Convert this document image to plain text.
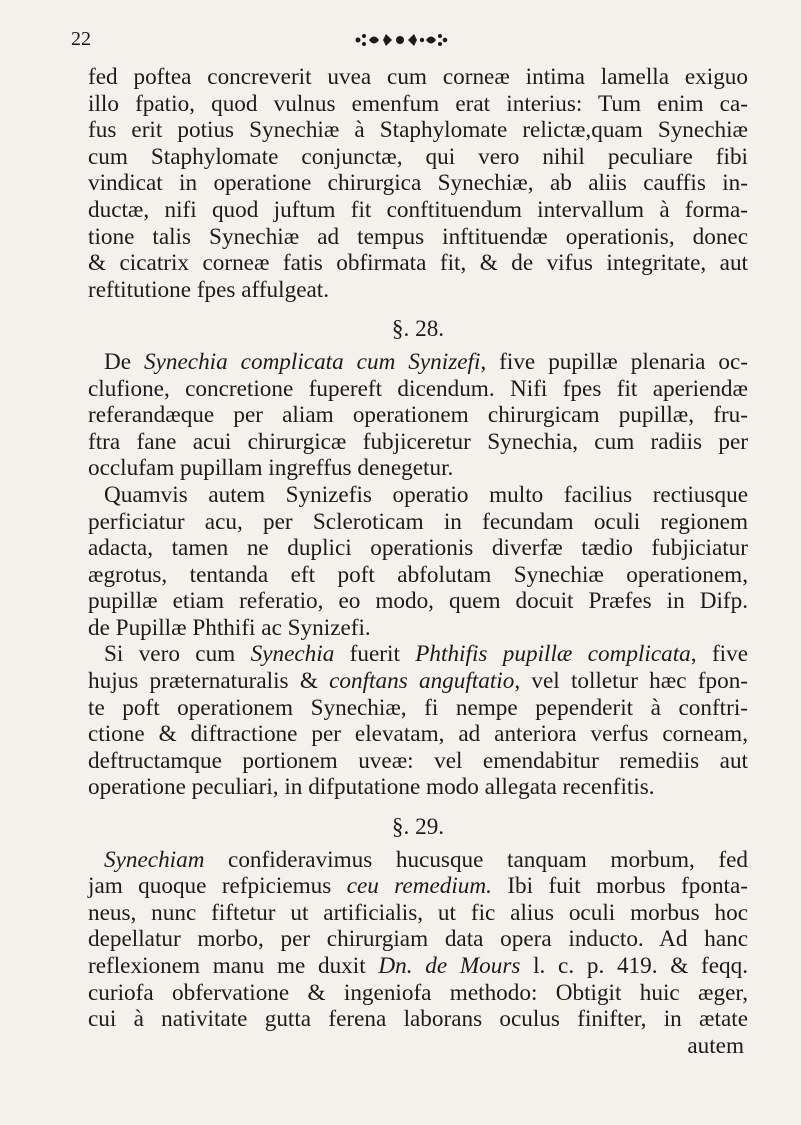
22
fed poftea concreverit uvea cum corneæ intima lamella exiguo
illo fpatio, quod vulnus emenfum erat interius: Tum enim ca-
fus erit potius Synechiæ à Staphylomate relictæ,quam Synechiæ
cum Staphylomate conjunctæ, qui vero nihil peculiare fibi
vindicat in operatione chirurgica Synechiæ, ab aliis cauffis in-
ductæ, nifi quod juftum fit conftituendum intervallum à forma-
tione talis Synechiæ ad tempus inftituendæ operationis, donec
& cicatrix corneæ fatis obfirmata fit, & de vifus integritate, aut
reftitutione fpes affulgeat.
§. 28.
De Synechia complicata cum Synizefi, five pupillæ plenaria oc-
clufione, concretione fupereft dicendum. Nifi fpes fit aperiendæ
referandæque per aliam operationem chirurgicam pupillæ, fru-
ftra fane acui chirurgicæ fubjiceretur Synechia, cum radiis per
occlufam pupillam ingreffus denegetur.
Quamvis autem Synizefis operatio multo facilius rectiusque
perficiatur acu, per Scleroticam in fecundam oculi regionem
adacta, tamen ne duplici operationis diverfæ tædio fubjiciatur
ægrotus, tentanda eft poft abfolutam Synechiæ operationem,
pupillæ etiam referatio, eo modo, quem docuit Præfes in Difp.
de Pupillæ Phthifi ac Synizefi.
Si vero cum Synechia fuerit Phthifis pupillæ complicata, five
hujus præternaturalis & conftans anguftatio, vel tolletur hæc fpon-
te poft operationem Synechiæ, fi nempe pependerit à conftri-
ctione & diftractione per elevatam, ad anteriora verfus corneam,
deftructamque portionem uveæ: vel emendabitur remediis aut
operatione peculiari, in difputatione modo allegata recenfitis.
§. 29.
Synechiam confideravimus hucusque tanquam morbum, fed
jam quoque refpiciemus ceu remedium. Ibi fuit morbus fponta-
neus, nunc fiftetur ut artificialis, ut fic alius oculi morbus hoc
depellatur morbo, per chirurgiam data opera inducto. Ad hanc
reflexionem manu me duxit Dn. de Mours l. c. p. 419. & feqq.
curiofa obfervatione & ingeniofa methodo: Obtigit huic æger,
cui à nativitate gutta ferena laborans oculus finifter, in ætate
autem
